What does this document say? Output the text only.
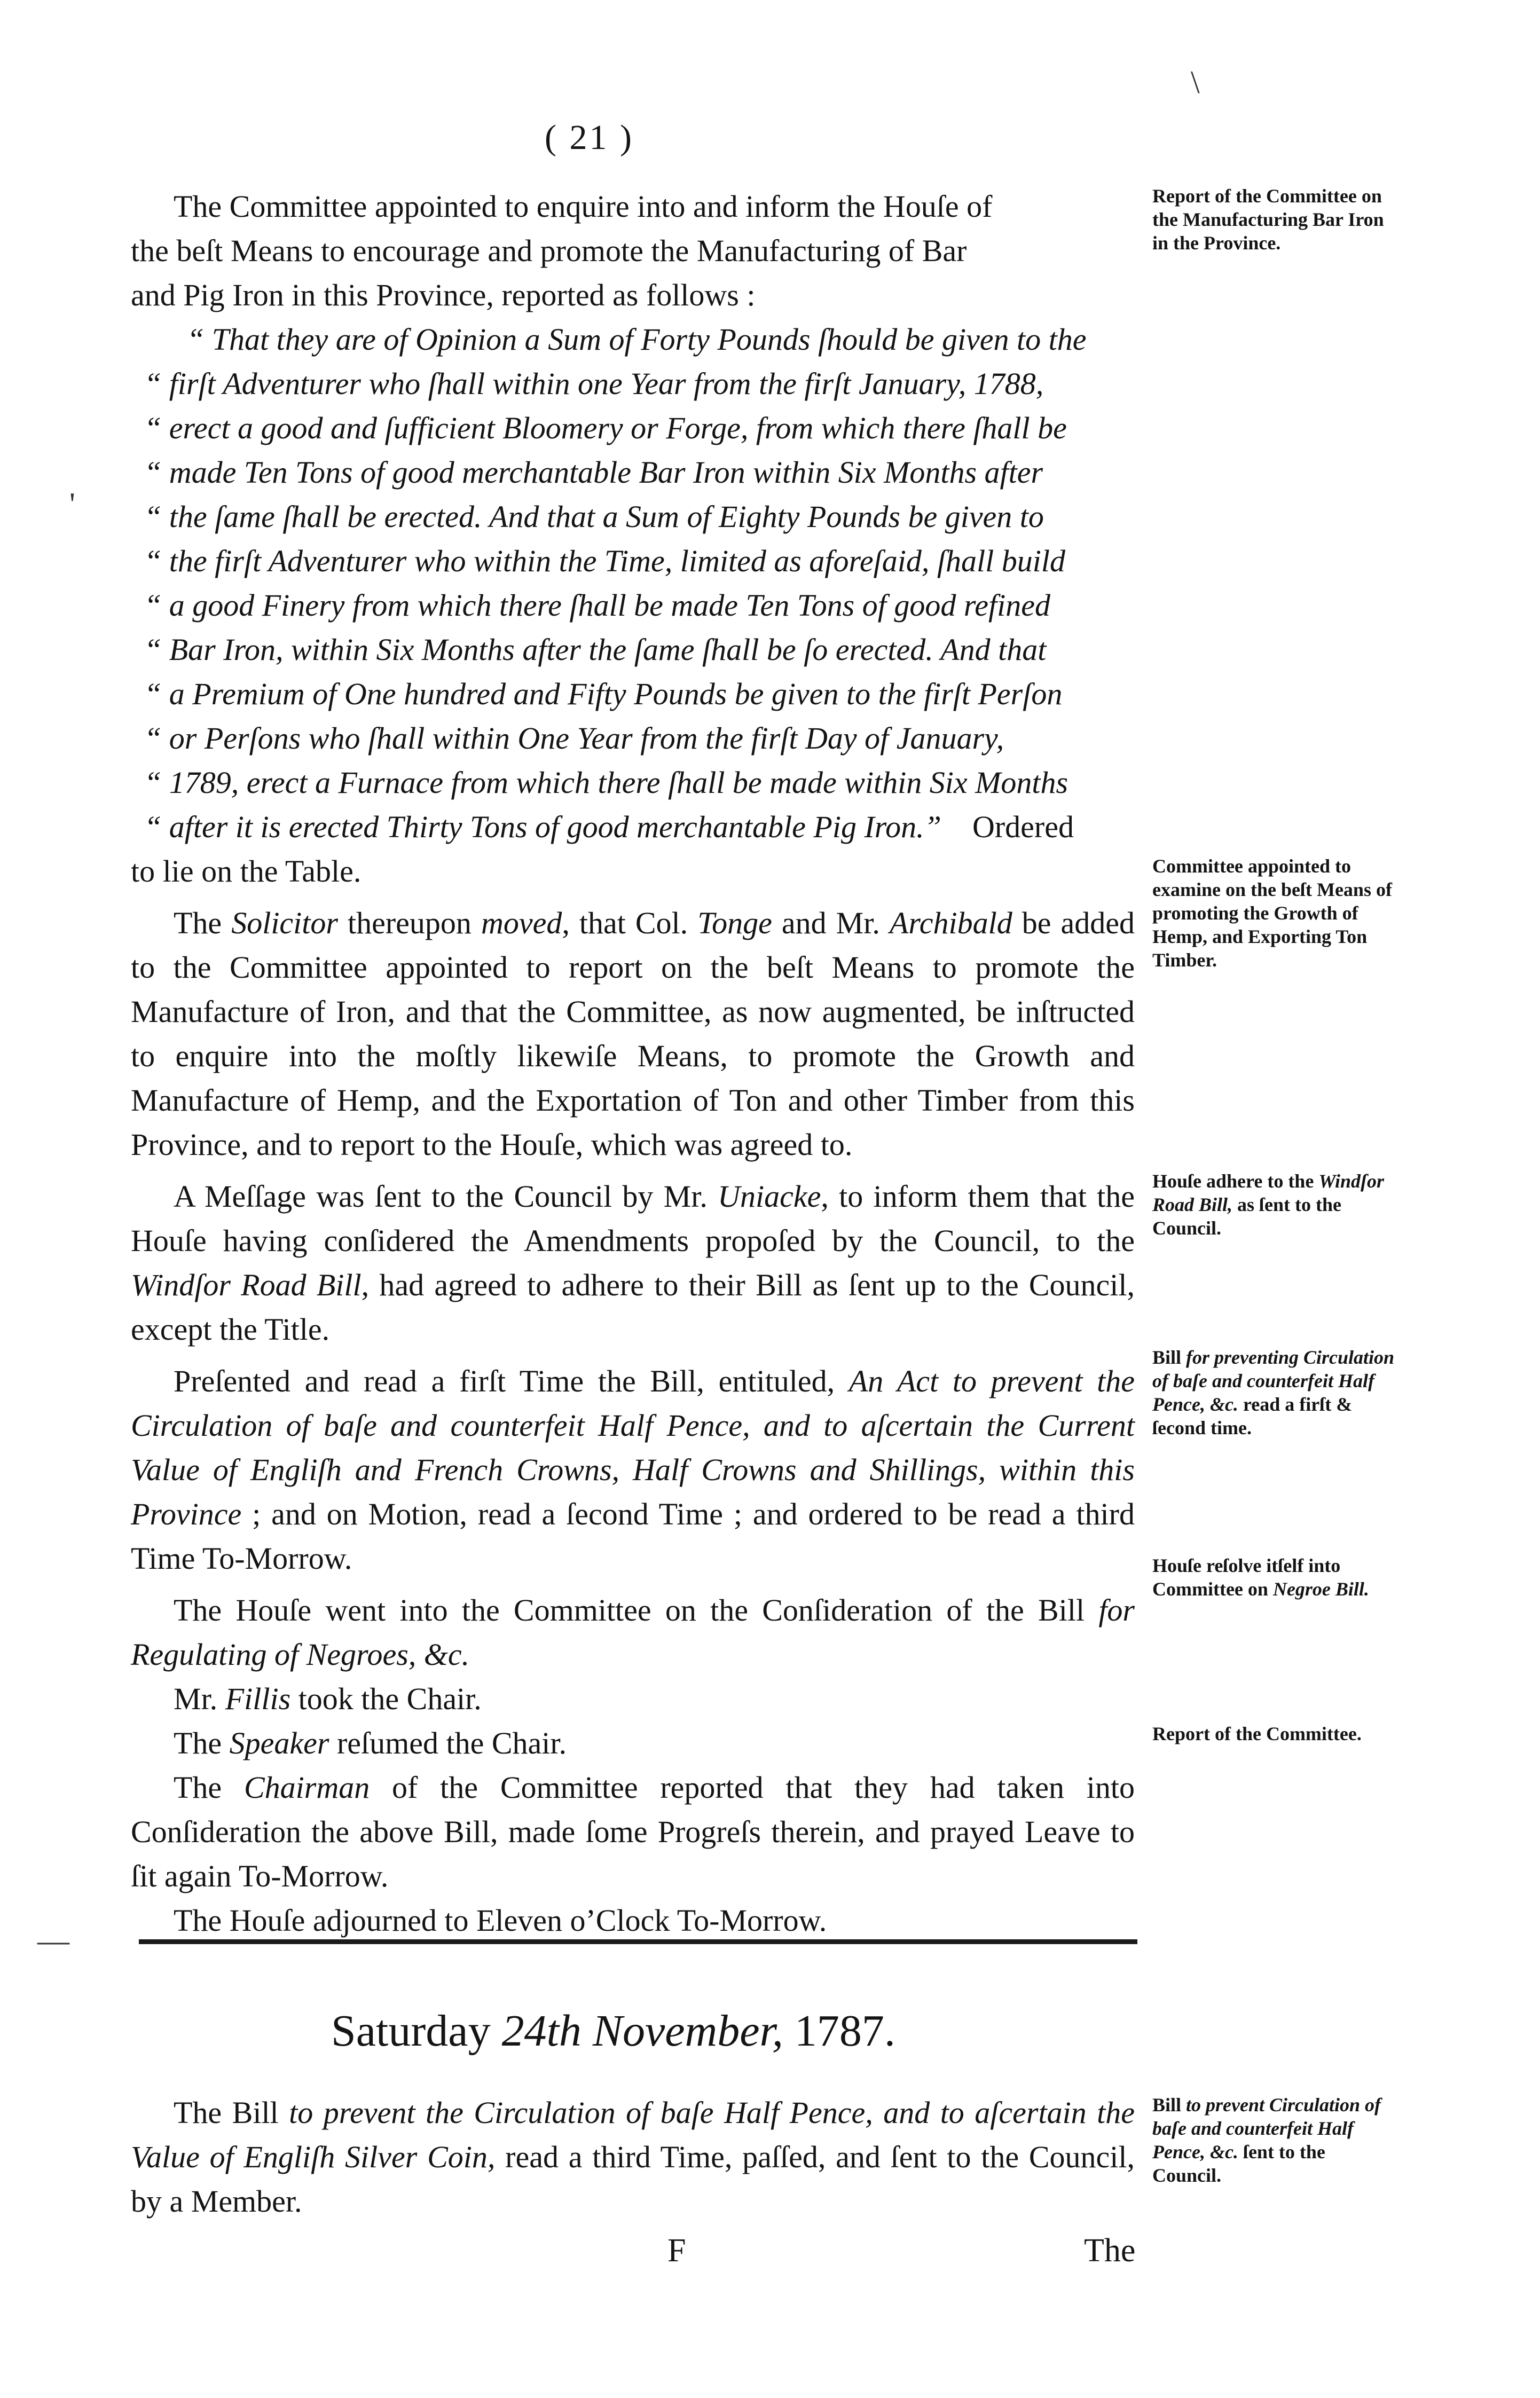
\
'
—
( 21 )

The Committee appointed to enquire into and inform the Houſe of
the beſt Means to encourage and promote the Manufacturing of Bar
and Pig Iron in this Province, reported as follows :
“ That they are of Opinion a Sum of Forty Pounds ſhould be given to the
“ firſt Adventurer who ſhall within one Year from the firſt January, 1788,
“ erect a good and ſufficient Bloomery or Forge, from which there ſhall be
“ made Ten Tons of good merchantable Bar Iron within Six Months after
“ the ſame ſhall be erected. And that a Sum of Eighty Pounds be given to
“ the firſt Adventurer who within the Time, limited as aforeſaid, ſhall build
“ a good Finery from which there ſhall be made Ten Tons of good refined
“ Bar Iron, within Six Months after the ſame ſhall be ſo erected. And that
“ a Premium of One hundred and Fifty Pounds be given to the firſt Perſon
“ or Perſons who ſhall within One Year from the firſt Day of January,
“ 1789, erect a Furnace from which there ſhall be made within Six Months
“ after it is erected Thirty Tons of good merchantable Pig Iron.” Ordered
to lie on the Table.

The Solicitor thereupon moved, that Col. Tonge and Mr. Archibald be added to the Committee appointed to report on the beſt Means to promote the Manufacture of Iron, and that the Committee, as now augmented, be inſtructed to enquire into the moſtly likewiſe Means, to promote the Growth and Manufacture of Hemp, and the Exportation of Ton and other Timber from this Province, and to report to the Houſe, which was agreed to.

A Meſſage was ſent to the Council by Mr. Uniacke, to inform them that the Houſe having conſidered the Amendments propoſed by the Council, to the Windſor Road Bill, had agreed to adhere to their Bill as ſent up to the Council, except the Title.

Preſented and read a firſt Time the Bill, entituled, An Act to prevent the Circulation of baſe and counterfeit Half Pence, and to aſcertain the Current Value of Engliſh and French Crowns, Half Crowns and Shillings, within this Province ; and on Motion, read a ſecond Time ; and ordered to be read a third Time To-Morrow.

The Houſe went into the Committee on the Conſideration of the Bill for Regulating of Negroes, &c.

Mr. Fillis took the Chair.

The Speaker reſumed the Chair.

The Chairman of the Committee reported that they had taken into Conſideration the above Bill, made ſome Progreſs therein, and prayed Leave to ſit again To-Morrow.

The Houſe adjourned to Eleven o’Clock To-Morrow.

Report of the Committee on the Manufacturing Bar Iron in the Province.
Committee appointed to examine on the beſt Means of promoting the Growth of Hemp, and Exporting Ton Timber.
Houſe adhere to the Windſor Road Bill, as ſent to the Council.
Bill for preventing Circulation of baſe and counterfeit Half Pence, &c. read a firſt & ſecond time.
Houſe reſolve itſelf into Committee on Negroe Bill.
Report of the Committee.
Bill to prevent Circulation of baſe and counterfeit Half Pence, &c. ſent to the Council.
Saturday 24th November, 1787.
The Bill to prevent the Circulation of baſe Half Pence, and to aſcertain the Value of Engliſh Silver Coin, read a third Time, paſſed, and ſent to the Council, by a Member.
F	The
